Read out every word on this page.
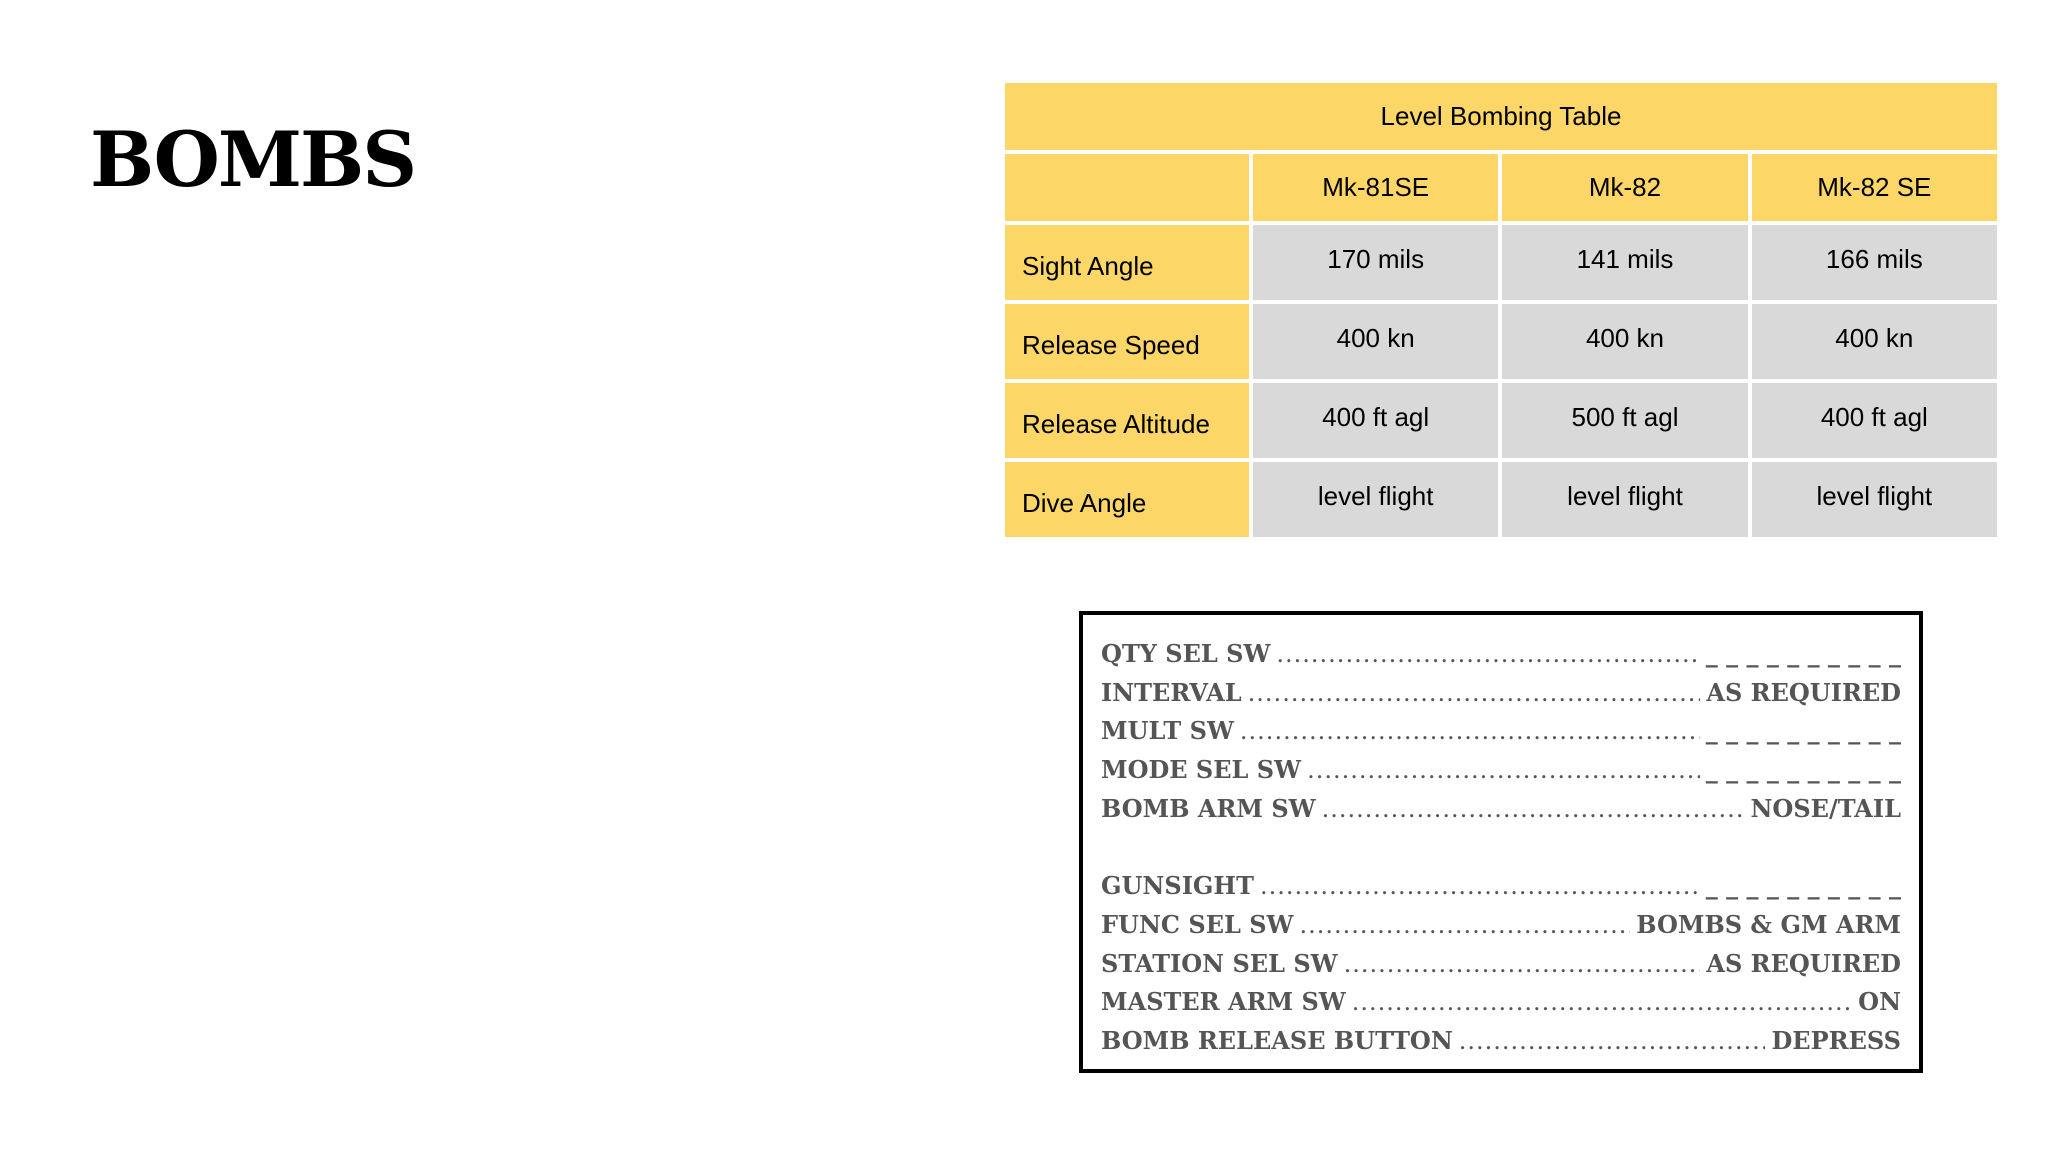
BOMBS	Level Bombing Table			
	Mk-81SE	Mk-82	Mk-82 SE
Sight Angle	170 mils	141 mils	166 mils
Release Speed	400 kn	400 kn	400 kn
Release Altitude	400 ft agl	500 ft agl	400 ft agl
Dive Angle	level flight	level flight	level flight
QTY SEL SW .....	_ _ _ _ _ _ _ _ _ _
INTERVAL .....	AS REQUIRED
MULT SW .....	_ _ _ _ _ _ _ _ _ _
MODE SEL SW .....	_ _ _ _ _ _ _ _ _ _
BOMB ARM SW .....	NOSE/TAIL
GUNSIGHT .....	_ _ _ _ _ _ _ _ _ _
FUNC SEL SW .....	BOMBS & GM ARM
STATION SEL SW .....	AS REQUIRED
MASTER ARM SW .....	ON
BOMB RELEASE BUTTON .....	DEPRESS
